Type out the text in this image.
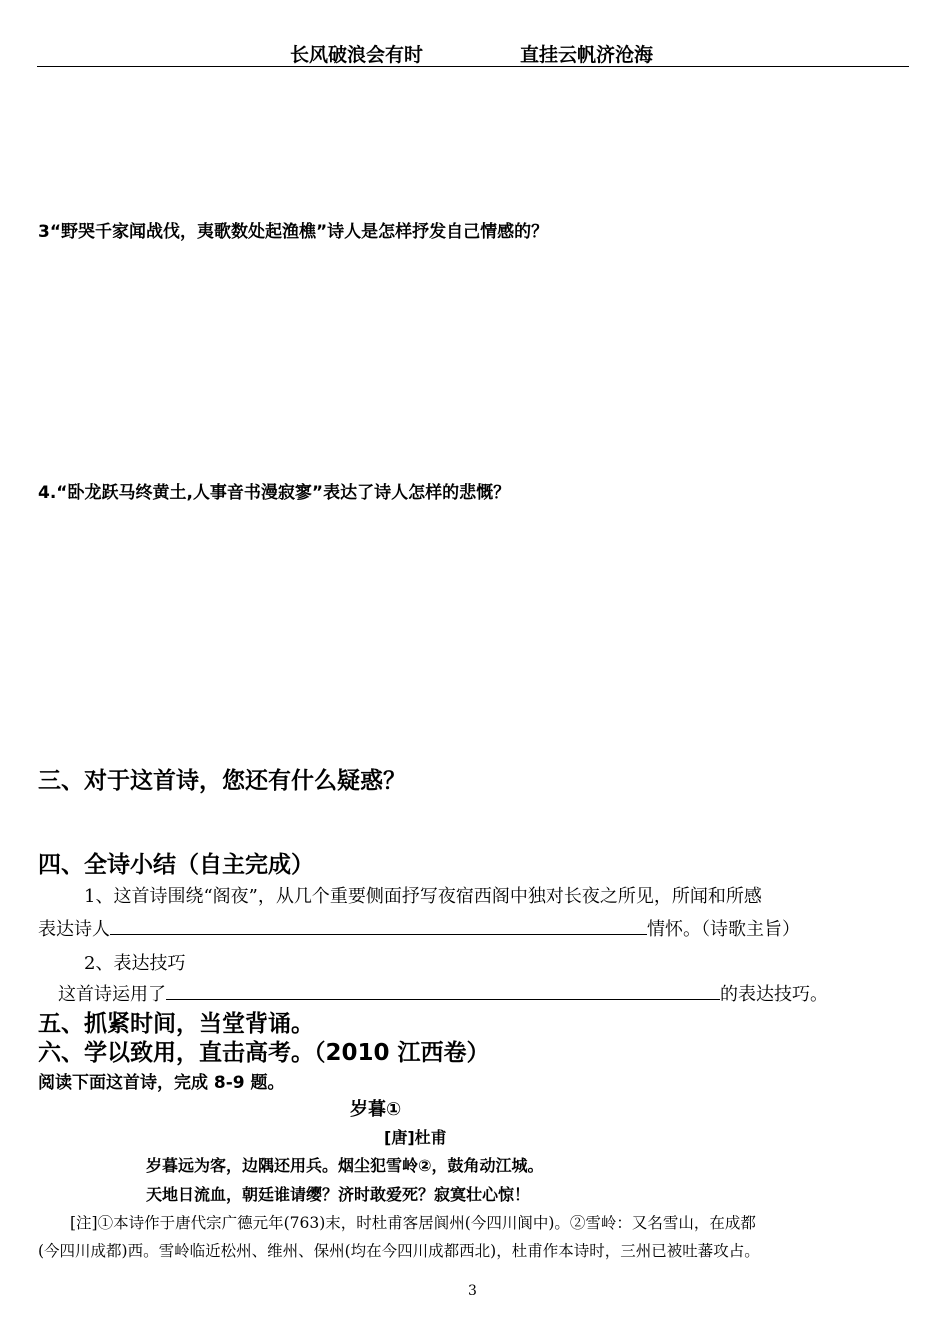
长风破浪会有时	直挂云帆济沧海
3“野哭千家闻战伐，夷歌数处起渔樵”诗人是怎样抒发自己情感的？
4.“卧龙跃马终黄土,人事音书漫寂寥”表达了诗人怎样的悲慨？
三、对于这首诗，您还有什么疑惑？
四、全诗小结（自主完成）
1、这首诗围绕“阁夜”，从几个重要侧面抒写夜宿西阁中独对长夜之所见，所闻和所感
表达诗人	情怀。（诗歌主旨）
2、表达技巧
这首诗运用了	的表达技巧。
五、抓紧时间，当堂背诵。
六、学以致用，直击高考。（2010 江西卷）
阅读下面这首诗，完成 8-9 题。
岁暮①
[唐]杜甫
岁暮远为客，边隅还用兵。烟尘犯雪岭②，鼓角动江城。
天地日流血，朝廷谁请缨？济时敢爱死？寂寞壮心惊！
[注]①本诗作于唐代宗广德元年(763)末，时杜甫客居阆州(今四川阆中)。②雪岭：又名雪山，在成都
(今四川成都)西。雪岭临近松州、维州、保州(均在今四川成都西北)，杜甫作本诗时，三州已被吐蕃攻占。
3
